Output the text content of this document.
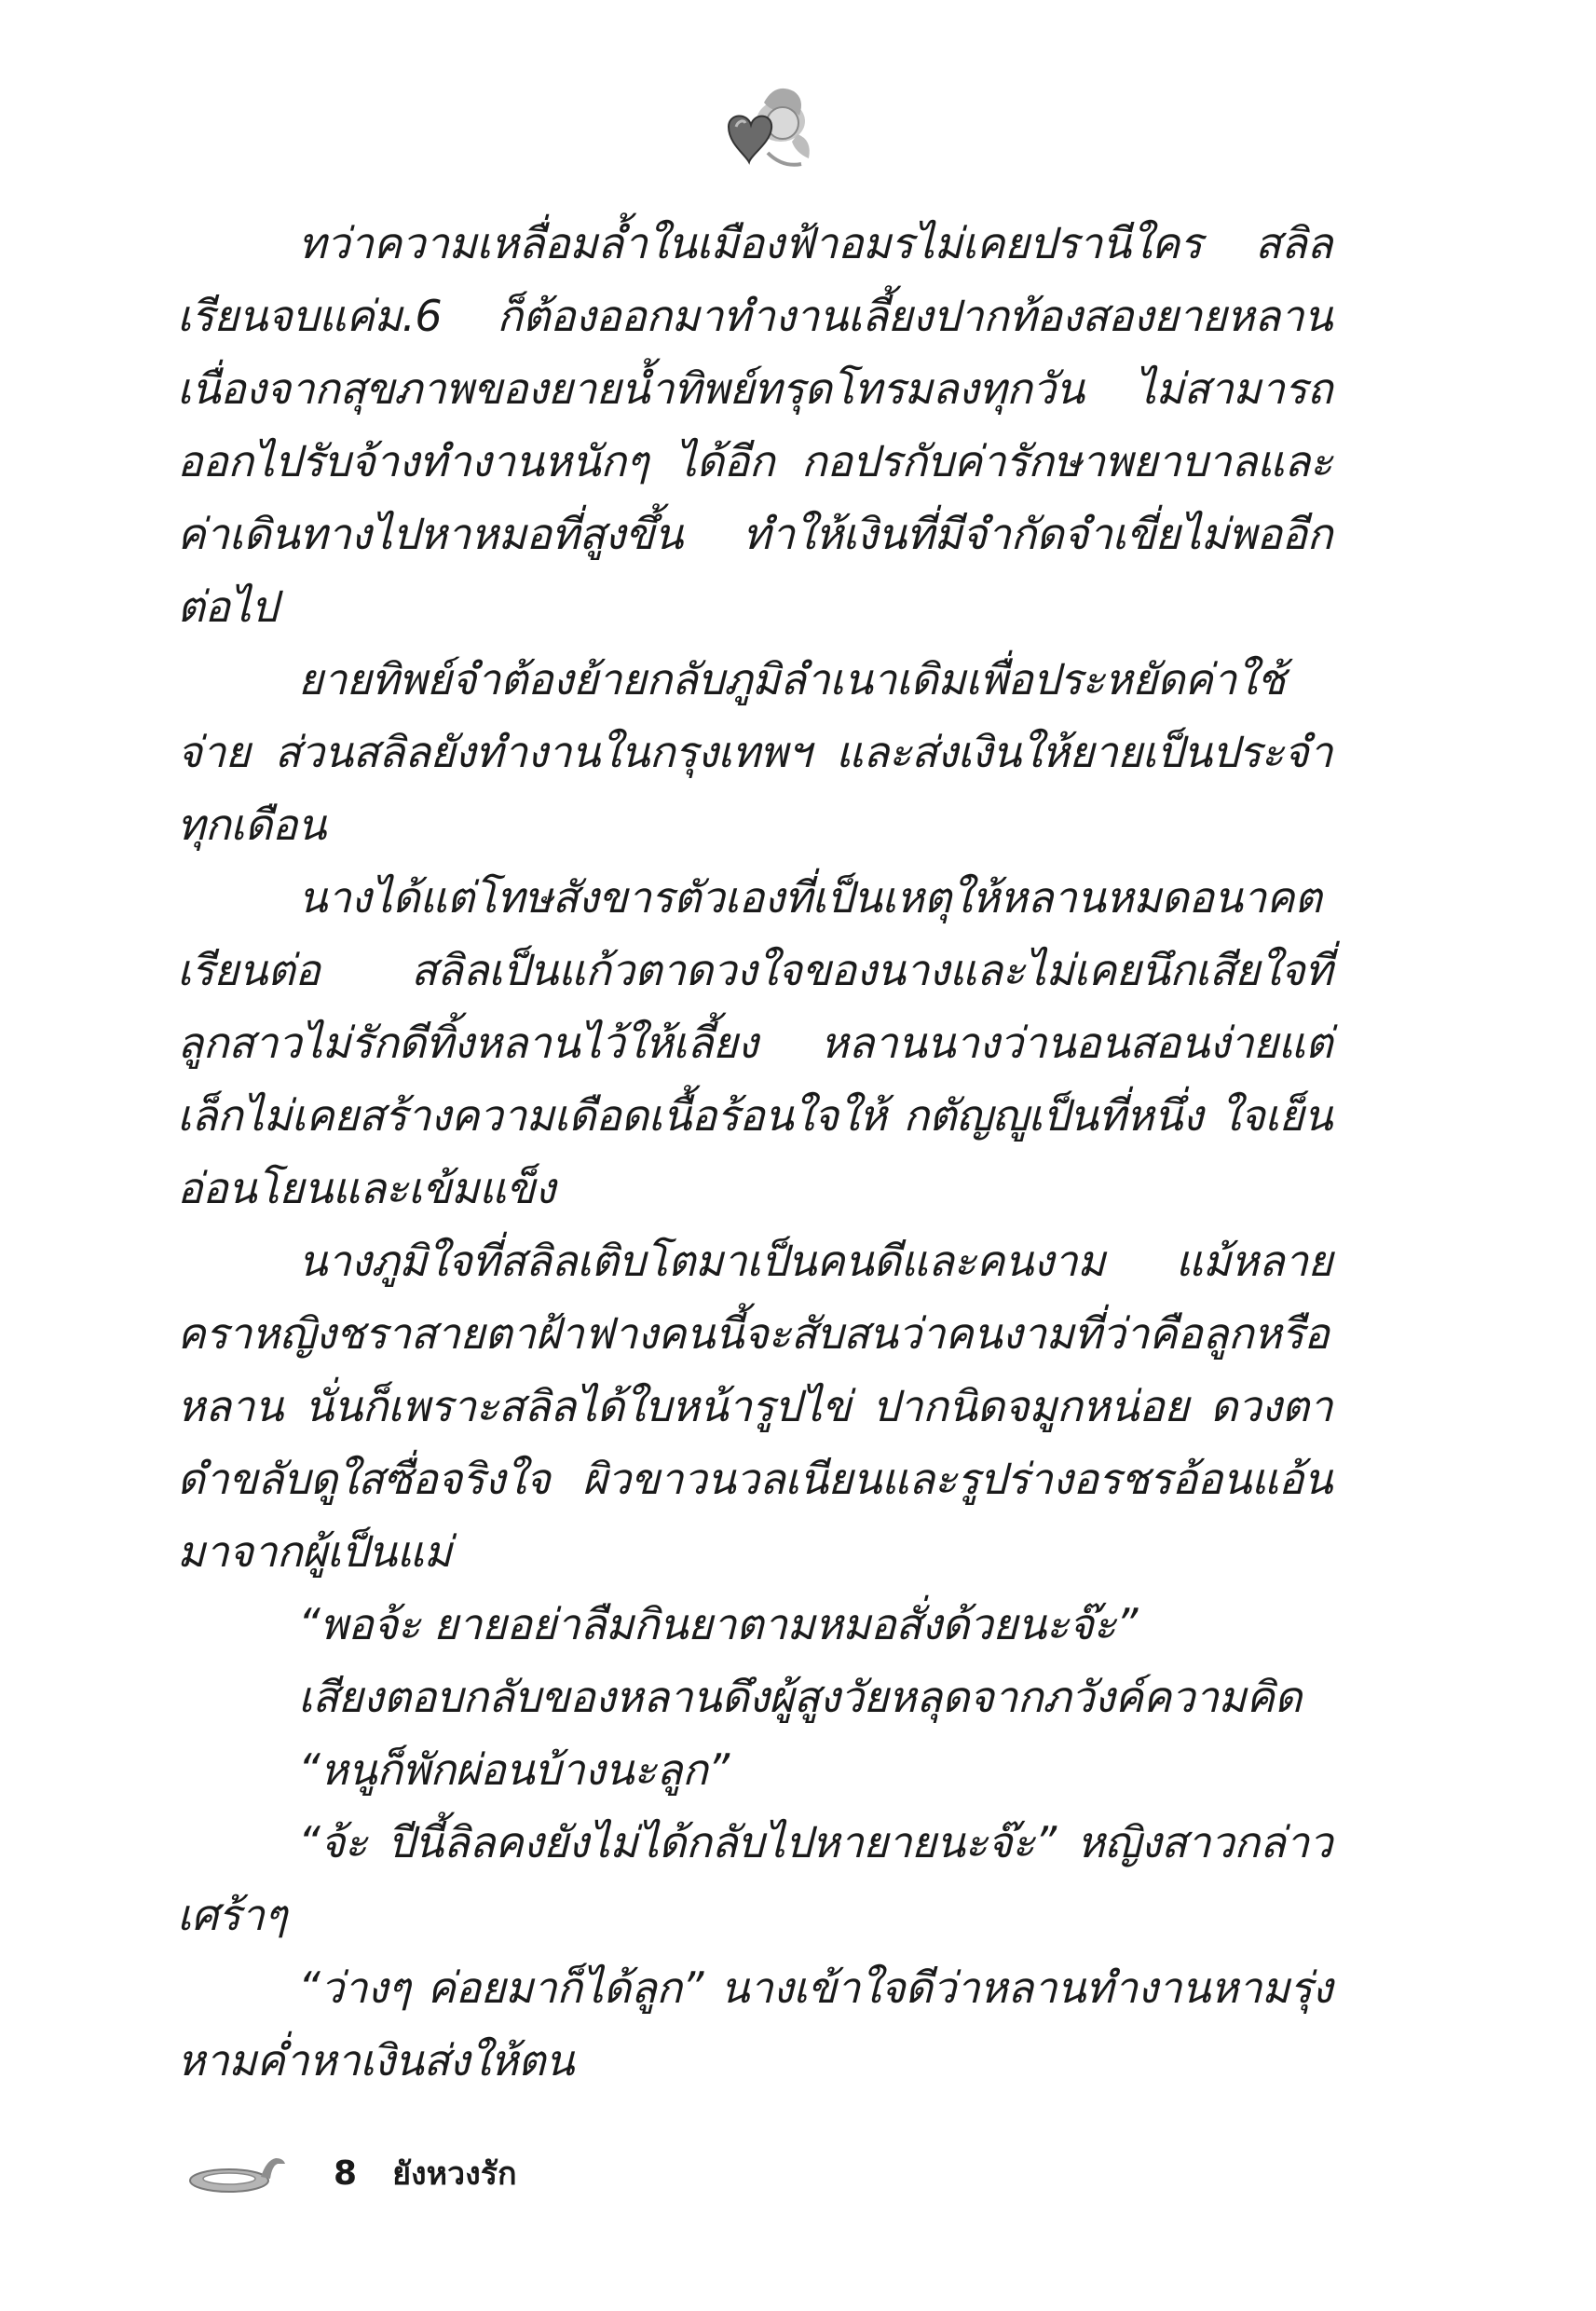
ทว่าความเหลื่อมล้ำในเมืองฟ้าอมรไม่เคยปรานีใคร สลิลเรียนจบแค่ม.6 ก็ต้องออกมาทำงานเลี้ยงปากท้องสองยายหลาน เนื่องจากสุขภาพของยายน้ำทิพย์ทรุดโทรมลงทุกวัน ไม่สามารถออกไปรับจ้างทำงานหนักๆ ได้อีก กอปรกับค่ารักษาพยาบาลและค่าเดินทางไปหาหมอที่สูงขึ้น ทำให้เงินที่มีจำกัดจำเขี่ยไม่พออีกต่อไป

ยายทิพย์จำต้องย้ายกลับภูมิลำเนาเดิมเพื่อประหยัดค่าใช้จ่าย ส่วนสลิลยังทำงานในกรุงเทพฯ และส่งเงินให้ยายเป็นประจำทุกเดือน

นางได้แต่โทษสังขารตัวเองที่เป็นเหตุให้หลานหมดอนาคตเรียนต่อ สลิลเป็นแก้วตาดวงใจของนางและไม่เคยนึกเสียใจที่ลูกสาวไม่รักดีทิ้งหลานไว้ให้เลี้ยง หลานนางว่านอนสอนง่ายแต่เล็กไม่เคยสร้างความเดือดเนื้อร้อนใจให้ กตัญญูเป็นที่หนึ่ง ใจเย็นอ่อนโยนและเข้มแข็ง

นางภูมิใจที่สลิลเติบโตมาเป็นคนดีและคนงาม แม้หลายคราหญิงชราสายตาฝ้าฟางคนนี้จะสับสนว่าคนงามที่ว่าคือลูกหรือหลาน นั่นก็เพราะสลิลได้ใบหน้ารูปไข่ ปากนิดจมูกหน่อย ดวงตาดำขลับดูใสซื่อจริงใจ ผิวขาวนวลเนียนและรูปร่างอรชรอ้อนแอ้นมาจากผู้เป็นแม่

“พอจ้ะ ยายอย่าลืมกินยาตามหมอสั่งด้วยนะจ๊ะ”

เสียงตอบกลับของหลานดึงผู้สูงวัยหลุดจากภวังค์ความคิด

“หนูก็พักผ่อนบ้างนะลูก”

“จ้ะ ปีนี้ลิลคงยังไม่ได้กลับไปหายายนะจ๊ะ” หญิงสาวกล่าวเศร้าๆ

“ว่างๆ ค่อยมาก็ได้ลูก” นางเข้าใจดีว่าหลานทำงานหามรุ่งหามค่ำหาเงินส่งให้ตน

8 ยังหวงรัก
